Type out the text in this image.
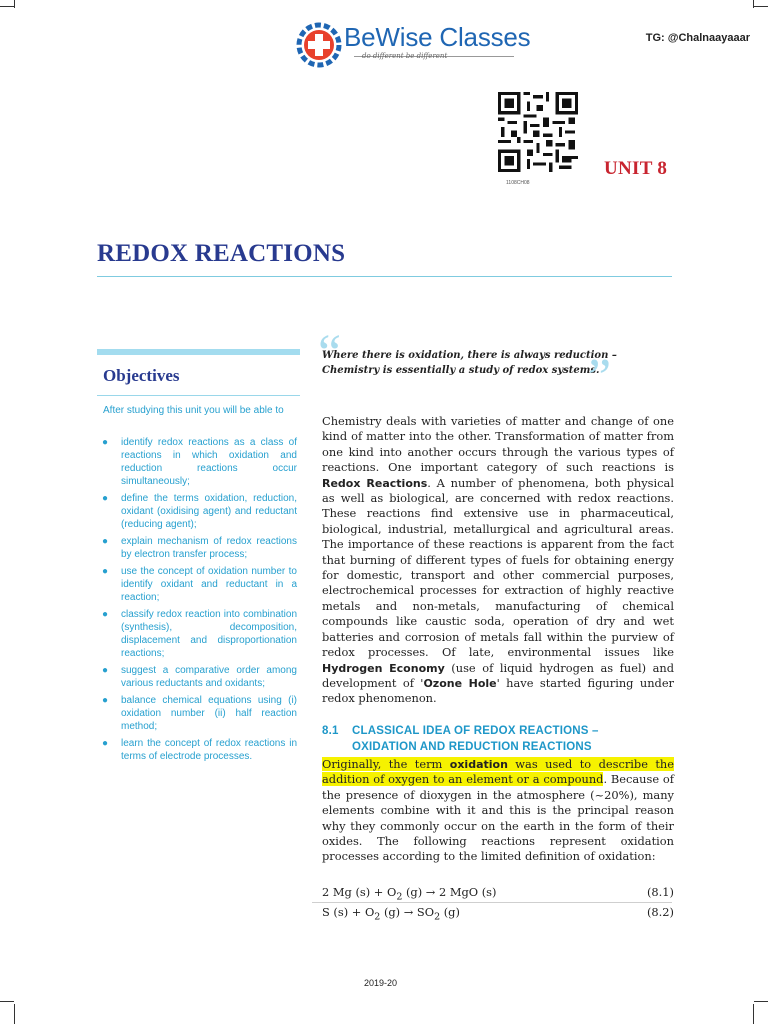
BeWise Classes
do different be different
TG: @Chalnaayaaar
1108CH08
UNIT 8
REDOX REACTIONS
Objectives
After studying this unit you will be able to
● identify redox reactions as a class of reactions in which oxidation and reduction reactions occur simultaneously;
● define the terms oxidation, reduction, oxidant (oxidising agent) and reductant (reducing agent);
● explain mechanism of redox reactions by electron transfer process;
● use the concept of oxidation number to identify oxidant and reductant in a reaction;
● classify redox reaction into combination (synthesis), decomposition, displacement and disproportionation reactions;
● suggest a comparative order among various reductants and oxidants;
● balance chemical equations using (i) oxidation number (ii) half reaction method;
● learn the concept of redox reactions in terms of electrode processes.
“
Where there is oxidation, there is always reduction –
Chemistry is essentially a study of redox systems.
”
Chemistry deals with varieties of matter and change of one kind of matter into the other. Transformation of matter from one kind into another occurs through the various types of reactions. One important category of such reactions is Redox Reactions. A number of phenomena, both physical as well as biological, are concerned with redox reactions. These reactions find extensive use in pharmaceutical, biological, industrial, metallurgical and agricultural areas. The importance of these reactions is apparent from the fact that burning of different types of fuels for obtaining energy for domestic, transport and other commercial purposes, electrochemical processes for extraction of highly reactive metals and non-metals, manufacturing of chemical compounds like caustic soda, operation of dry and wet batteries and corrosion of metals fall within the purview of redox processes. Of late, environmental issues like Hydrogen Economy (use of liquid hydrogen as fuel) and development of 'Ozone Hole' have started figuring under redox phenomenon.
8.1 CLASSICAL IDEA OF REDOX REACTIONS –
OXIDATION AND REDUCTION REACTIONS
Originally, the term oxidation was used to describe the addition of oxygen to an element or a compound. Because of the presence of dioxygen in the atmosphere (~20%), many elements combine with it and this is the principal reason why they commonly occur on the earth in the form of their oxides. The following reactions represent oxidation processes according to the limited definition of oxidation:
2 Mg $(s) + O_2$ (g) → 2 MgO (s)	(8.1)
S $(s) + O_2$ $(g) \to SO_2$ (g)	(8.2)
2019-20
